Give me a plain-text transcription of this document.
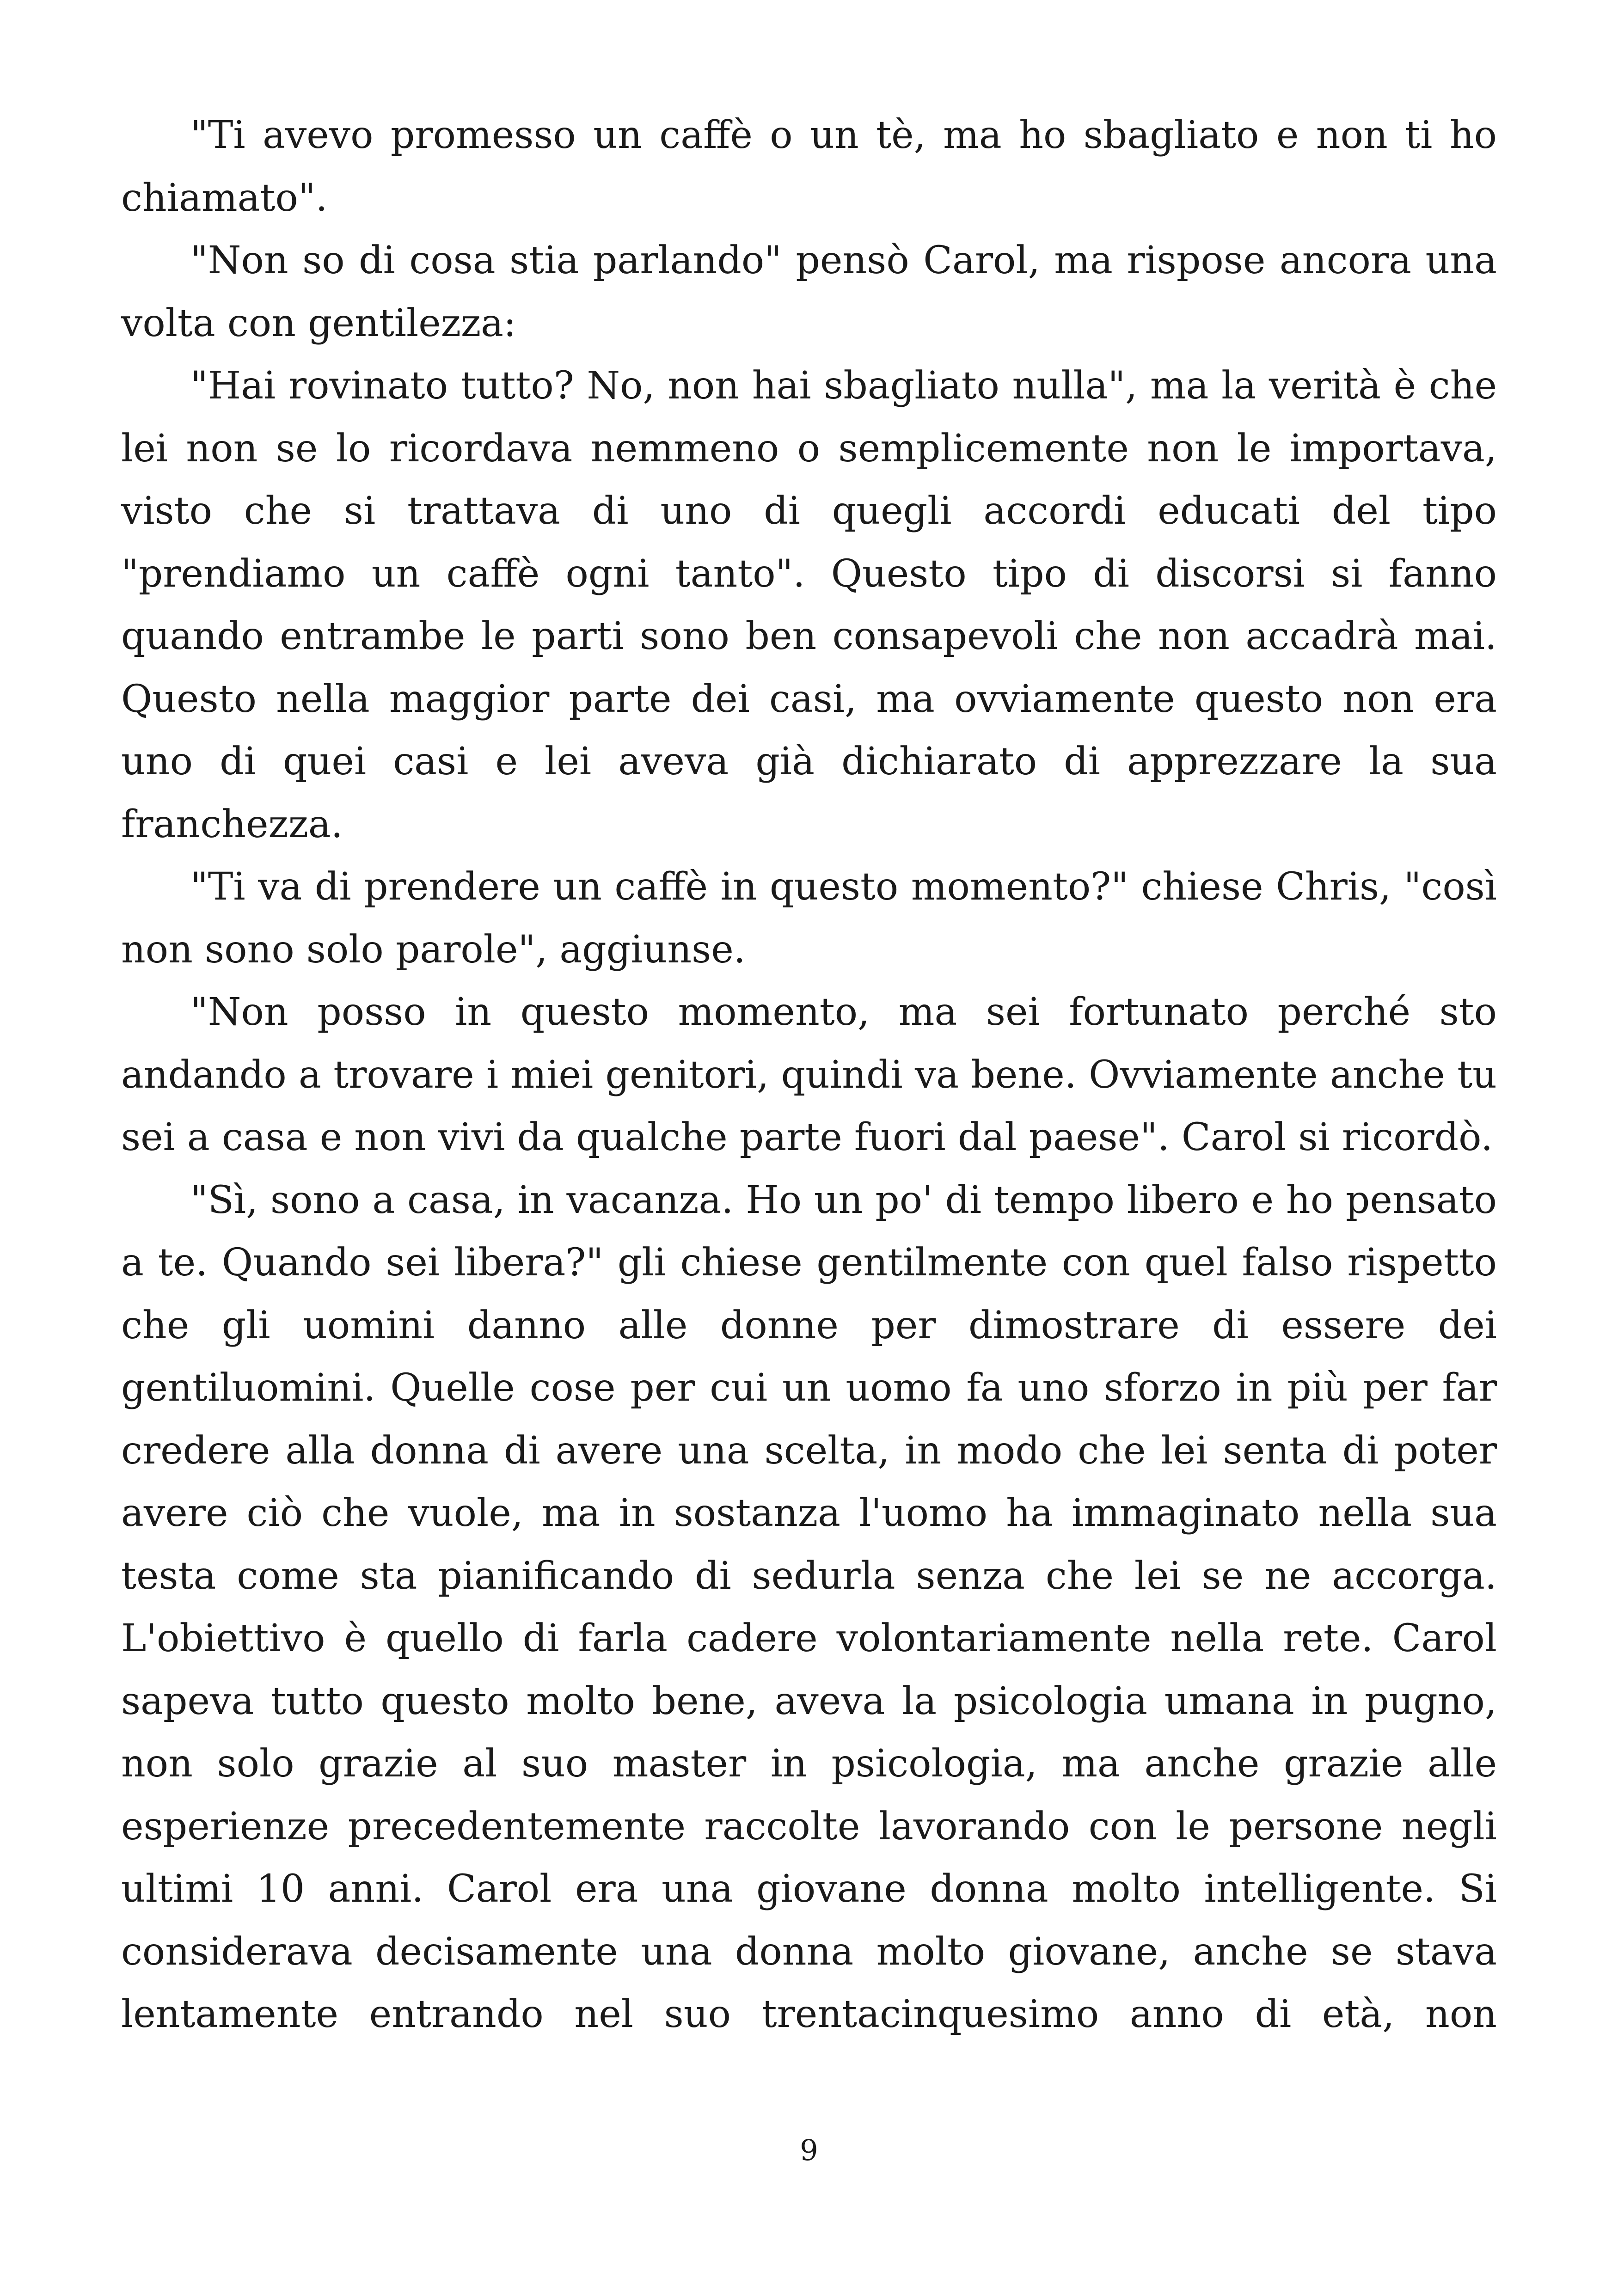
"Ti avevo promesso un caffè o un tè, ma ho sbagliato e non ti ho chiamato".

"Non so di cosa stia parlando" pensò Carol, ma rispose ancora una volta con gentilezza:

"Hai rovinato tutto? No, non hai sbagliato nulla", ma la verità è che lei non se lo ricordava nemmeno o semplicemente non le importava, visto che si trattava di uno di quegli accordi educati del tipo "prendiamo un caffè ogni tanto". Questo tipo di discorsi si fanno quando entrambe le parti sono ben consapevoli che non accadrà mai. Questo nella maggior parte dei casi, ma ovviamente questo non era uno di quei casi e lei aveva già dichiarato di apprezzare la sua franchezza.

"Ti va di prendere un caffè in questo momento?" chiese Chris, "così non sono solo parole", aggiunse.

"Non posso in questo momento, ma sei fortunato perché sto andando a trovare i miei genitori, quindi va bene. Ovviamente anche tu sei a casa e non vivi da qualche parte fuori dal paese". Carol si ricordò.

"Sì, sono a casa, in vacanza. Ho un po' di tempo libero e ho pensato a te. Quando sei libera?" gli chiese gentilmente con quel falso rispetto che gli uomini danno alle donne per dimostrare di essere dei gentiluomini. Quelle cose per cui un uomo fa uno sforzo in più per far credere alla donna di avere una scelta, in modo che lei senta di poter avere ciò che vuole, ma in sostanza l'uomo ha immaginato nella sua testa come sta pianificando di sedurla senza che lei se ne accorga. L'obiettivo è quello di farla cadere volontariamente nella rete. Carol sapeva tutto questo molto bene, aveva la psicologia umana in pugno, non solo grazie al suo master in psicologia, ma anche grazie alle esperienze precedentemente raccolte lavorando con le persone negli ultimi 10 anni. Carol era una giovane donna molto intelligente. Si considerava decisamente una donna molto giovane, anche se stava lentamente entrando nel suo trentacinquesimo anno di età, non

9
